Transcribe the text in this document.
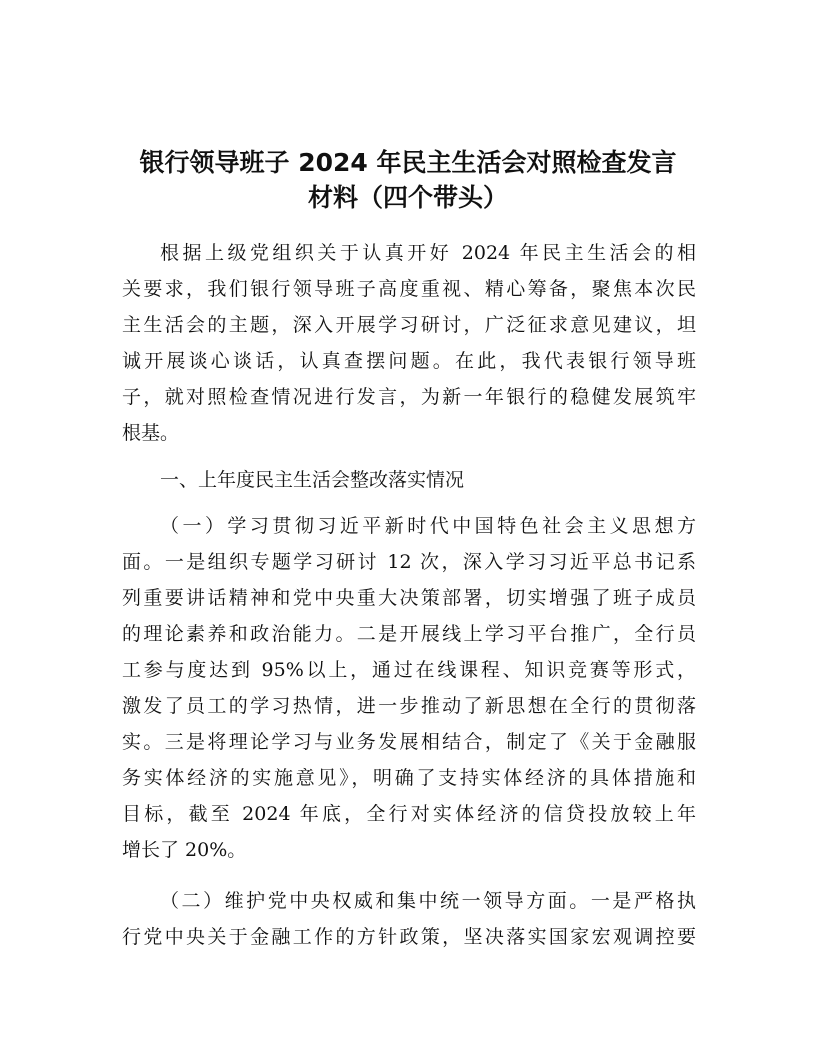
银行领导班子 2024 年民主生活会对照检查发言
材料（四个带头）
根据上级党组织关于认真开好 2024 年民主生活会的相
关要求，我们银行领导班子高度重视、精心筹备，聚焦本次民
主生活会的主题，深入开展学习研讨，广泛征求意见建议，坦
诚开展谈心谈话，认真查摆问题。在此，我代表银行领导班
子，就对照检查情况进行发言，为新一年银行的稳健发展筑牢
根基。
一、上年度民主生活会整改落实情况
（一）学习贯彻习近平新时代中国特色社会主义思想方
面。一是组织专题学习研讨 12 次，深入学习习近平总书记系
列重要讲话精神和党中央重大决策部署，切实增强了班子成员
的理论素养和政治能力。二是开展线上学习平台推广，全行员
工参与度达到 95%以上，通过在线课程、知识竞赛等形式，
激发了员工的学习热情，进一步推动了新思想在全行的贯彻落
实。三是将理论学习与业务发展相结合，制定了《关于金融服
务实体经济的实施意见》，明确了支持实体经济的具体措施和
目标，截至 2024 年底，全行对实体经济的信贷投放较上年
增长了 20%。
（二）维护党中央权威和集中统一领导方面。一是严格执
行党中央关于金融工作的方针政策，坚决落实国家宏观调控要
